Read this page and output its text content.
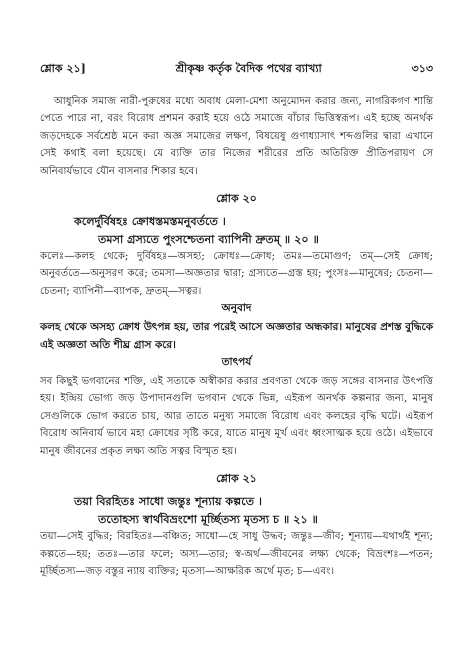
শ্লোক ২১]	শ্রীকৃষ্ণ কর্তৃক বৈদিক পথের ব্যাখ্যা	৩১৩

আধুনিক সমাজ নারী-পুরুষের মধ্যে অবাধ মেলা-মেশা অনুমোদন করার জন্য, নাগরিকগণ শান্তি পেতে পারে না, বরং বিরোধ প্রশমন করাই হয়ে ওঠে সমাজে বাঁচার ভিত্তিস্বরূপ। এই হচ্ছে অনর্থক জড়দেহকে সর্বশ্রেষ্ঠ মনে করা অজ্ঞ সমাজের লক্ষণ, বিষয়েষু গুণাধ্যাসাৎ শব্দগুলির দ্বারা এখানে সেই কথাই বলা হয়েছে। যে ব্যক্তি তার নিজের শরীরের প্রতি অতিরিক্ত প্রীতিপরায়ণ সে অনিবার্যভাবে যৌন বাসনার শিকার হবে।

শ্লোক ২০

কলের্দুর্বিষহঃ ক্রোধস্তমস্তমনুবর্ততে ।

তমসা গ্রস্যতে পুংসশ্চেতনা ব্যাপিনী দ্রুতম্ ॥ ২০ ॥

কলেঃ—কলহ থেকে; দুর্বিষহঃ—অসহ্য; ক্রোধঃ—ক্রোধ; তমঃ—তমোগুণ; তম্—সেই ক্রোধ; অনুবর্ততে—অনুসরণ করে; তমসা—অজ্ঞতার দ্বারা; গ্রস্যতে—গ্রস্ত হয়; পুংসঃ—মানুষের; চেতনা—চেতনা; ব্যাপিনী—ব্যাপক, দ্রুতম্—সত্বর।

অনুবাদ

কলহ থেকে অসহ্য ক্রোধ উৎপন্ন হয়, তার পরেই আসে অজ্ঞতার অন্ধকার। মানুষের প্রশস্ত বুদ্ধিকে এই অজ্ঞতা অতি শীঘ্র গ্রাস করে।

তাৎপর্য

সব কিছুই ভগবানের শক্তি, এই সত্যকে অস্বীকার করার প্রবণতা থেকে জড় সঙ্গের বাসনার উৎপত্তি হয়। ইন্দ্রিয় ভোগ্য জড় উপাদানগুলি ভগবান থেকে ভিন্ন, এইরূপ অনর্থক কল্পনার জন্য, মানুষ সেগুলিকে ভোগ করতে চায়, আর তাতে মনুষ্য সমাজে বিরোধ এবং কলহের বৃদ্ধি ঘটে। এইরূপ বিরোধ অনিবার্য ভাবে মহা ক্রোধের সৃষ্টি করে, যাতে মানুষ মূর্খ এবং ধ্বংসাত্মক হয়ে ওঠে। এইভাবে মানুষ জীবনের প্রকৃত লক্ষ্য অতি সত্বর বিস্মৃত হয়।

শ্লোক ২১

তয়া বিরহিতঃ সাধো জন্তুঃ শূন্যায় কল্পতে ।

ততোহস্য স্বার্থবিভ্রংশো মূর্চ্ছিতস্য মৃতস্য চ ॥ ২১ ॥

তয়া—সেই বুদ্ধির; বিরহিতঃ—বঞ্চিত; সাধো—হে সাধু উদ্ধব; জন্তুঃ—জীব; শূন্যায়—যথার্থই শূন্য; কল্পতে—হয়; ততঃ—তার ফলে; অস্য—তার; স্ব-অর্থ—জীবনের লক্ষ্য থেকে; বিভ্রংশঃ—পতন; মূর্চ্ছিতস্য—জড় বস্তুর ন্যায় ব্যক্তির; মৃতস্য—আক্ষরিক অর্থে মৃত; চ—এবং।
